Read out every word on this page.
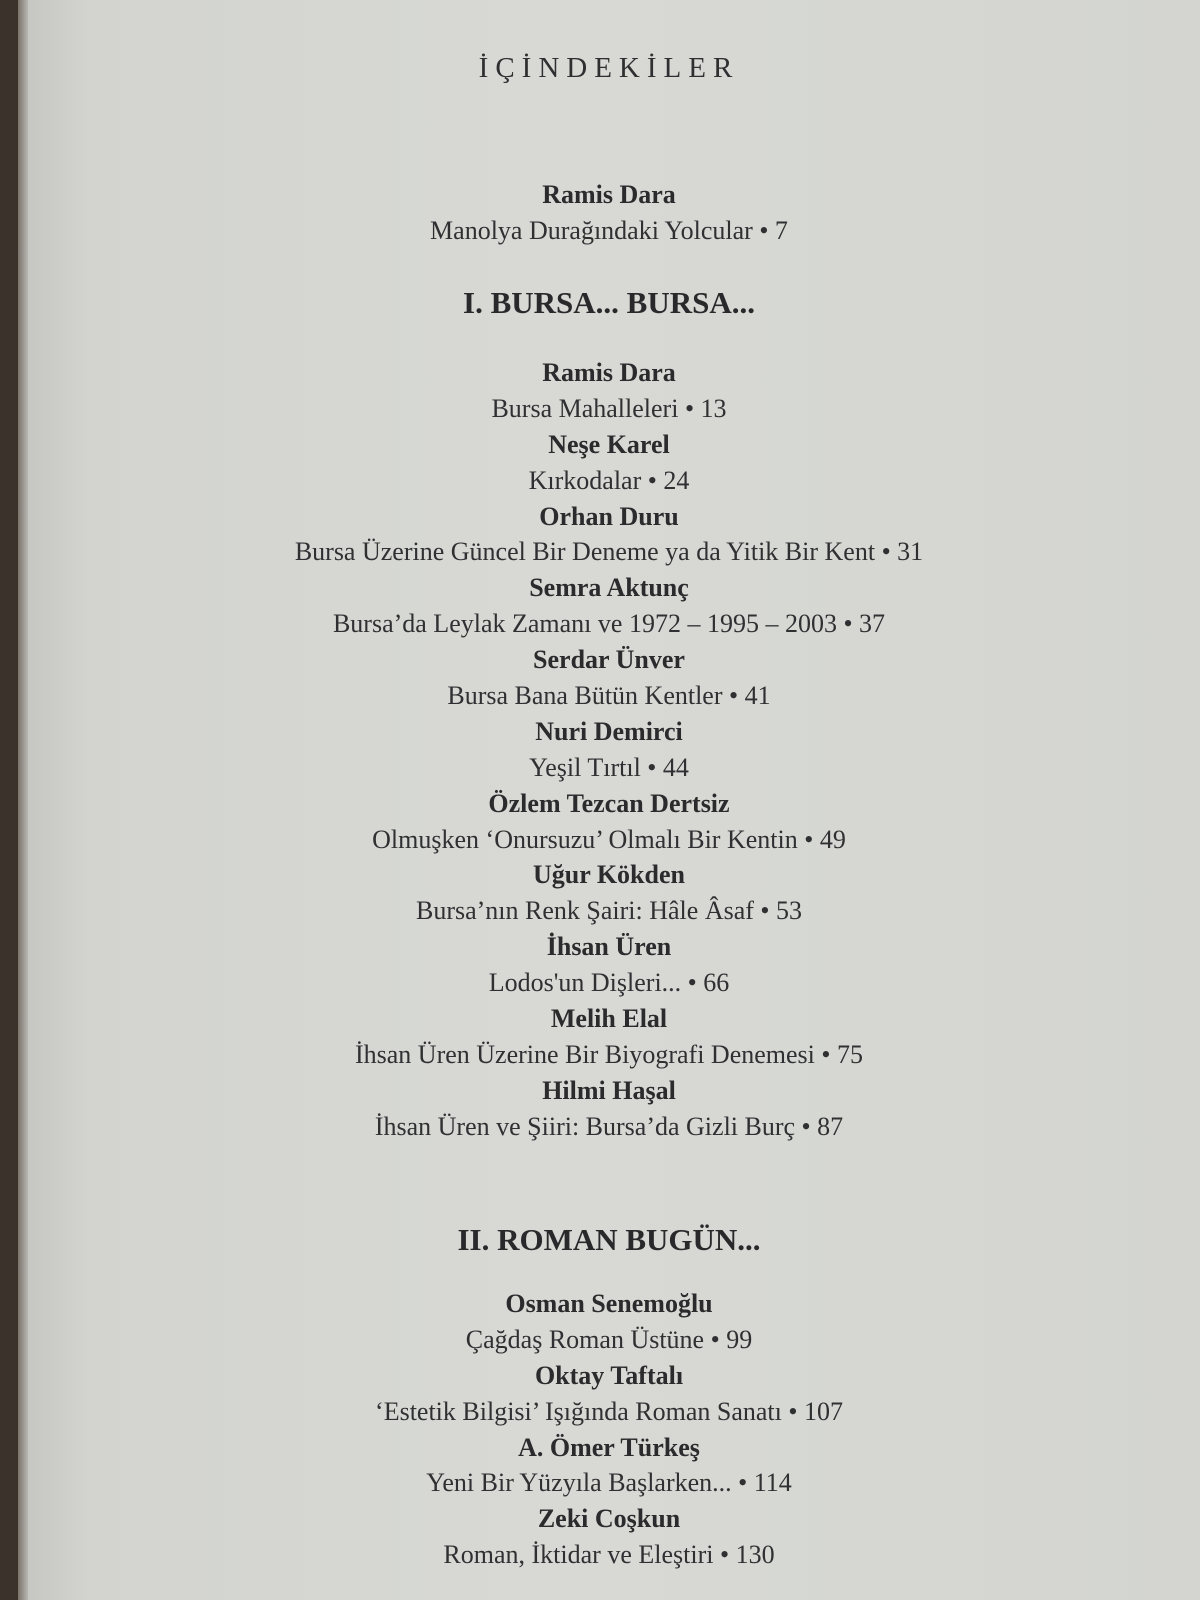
İÇİNDEKİLER
Ramis Dara
Manolya Durağındaki Yolcular • 7
I. BURSA... BURSA...
Ramis Dara
Bursa Mahalleleri • 13
Neşe Karel
Kırkodalar • 24
Orhan Duru
Bursa Üzerine Güncel Bir Deneme ya da Yitik Bir Kent • 31
Semra Aktunç
Bursa’da Leylak Zamanı ve 1972 – 1995 – 2003 • 37
Serdar Ünver
Bursa Bana Bütün Kentler • 41
Nuri Demirci
Yeşil Tırtıl • 44
Özlem Tezcan Dertsiz
Olmuşken ‘Onursuzu’ Olmalı Bir Kentin • 49
Uğur Kökden
Bursa’nın Renk Şairi: Hâle Âsaf • 53
İhsan Üren
Lodos'un Dişleri... • 66
Melih Elal
İhsan Üren Üzerine Bir Biyografi Denemesi • 75
Hilmi Haşal
İhsan Üren ve Şiiri: Bursa’da Gizli Burç • 87
II. ROMAN BUGÜN...
Osman Senemoğlu
Çağdaş Roman Üstüne • 99
Oktay Taftalı
‘Estetik Bilgisi’ Işığında Roman Sanatı • 107
A. Ömer Türkeş
Yeni Bir Yüzyıla Başlarken... • 114
Zeki Coşkun
Roman, İktidar ve Eleştiri • 130
